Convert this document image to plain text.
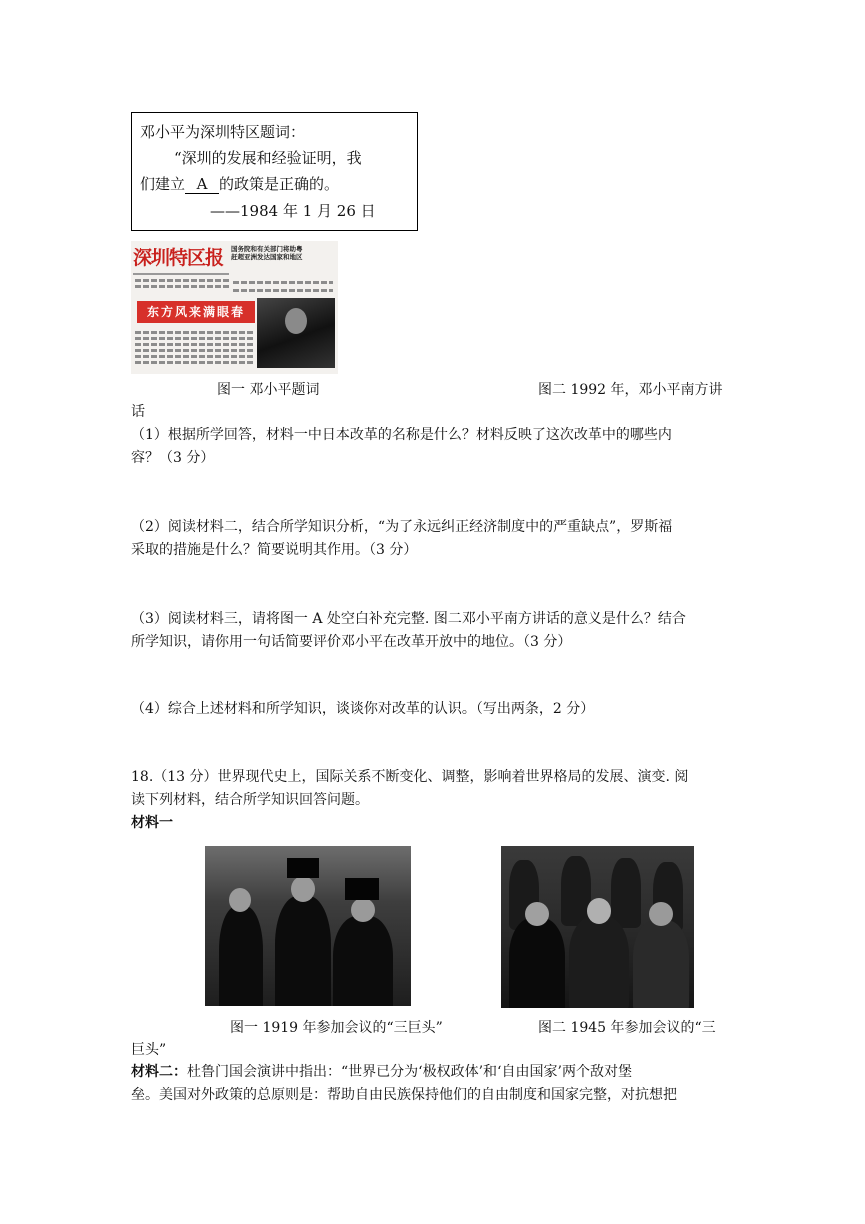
邓小平为深圳特区题词：
“深圳的发展和经验证明，我
们建立 A 的政策是正确的。
——1984 年 1 月 26 日
深圳特区报 国务院和有关部门将助粤
赶超亚洲发达国家和地区
东方风来满眼春
图一 邓小平题词	图二 1992 年，邓小平南方讲
话
（1）根据所学回答，材料一中日本改革的名称是什么？材料反映了这次改革中的哪些内
容？（3 分）
（2）阅读材料二，结合所学知识分析，“为了永远纠正经济制度中的严重缺点”，罗斯福
采取的措施是什么？简要说明其作用。（3 分）
（3）阅读材料三，请将图一 A 处空白补充完整. 图二邓小平南方讲话的意义是什么？结合
所学知识，请你用一句话简要评价邓小平在改革开放中的地位。（3 分）
（4）综合上述材料和所学知识，谈谈你对改革的认识。（写出两条，2 分）
18.（13 分）世界现代史上，国际关系不断变化、调整，影响着世界格局的发展、演变. 阅
读下列材料，结合所学知识回答问题。
材料一
图一 1919 年参加会议的“三巨头”	图二 1945 年参加会议的“三
巨头”
材料二：杜鲁门国会演讲中指出：“世界已分为‘极权政体’和‘自由国家’两个敌对堡
垒。美国对外政策的总原则是：帮助自由民族保持他们的自由制度和国家完整，对抗想把
